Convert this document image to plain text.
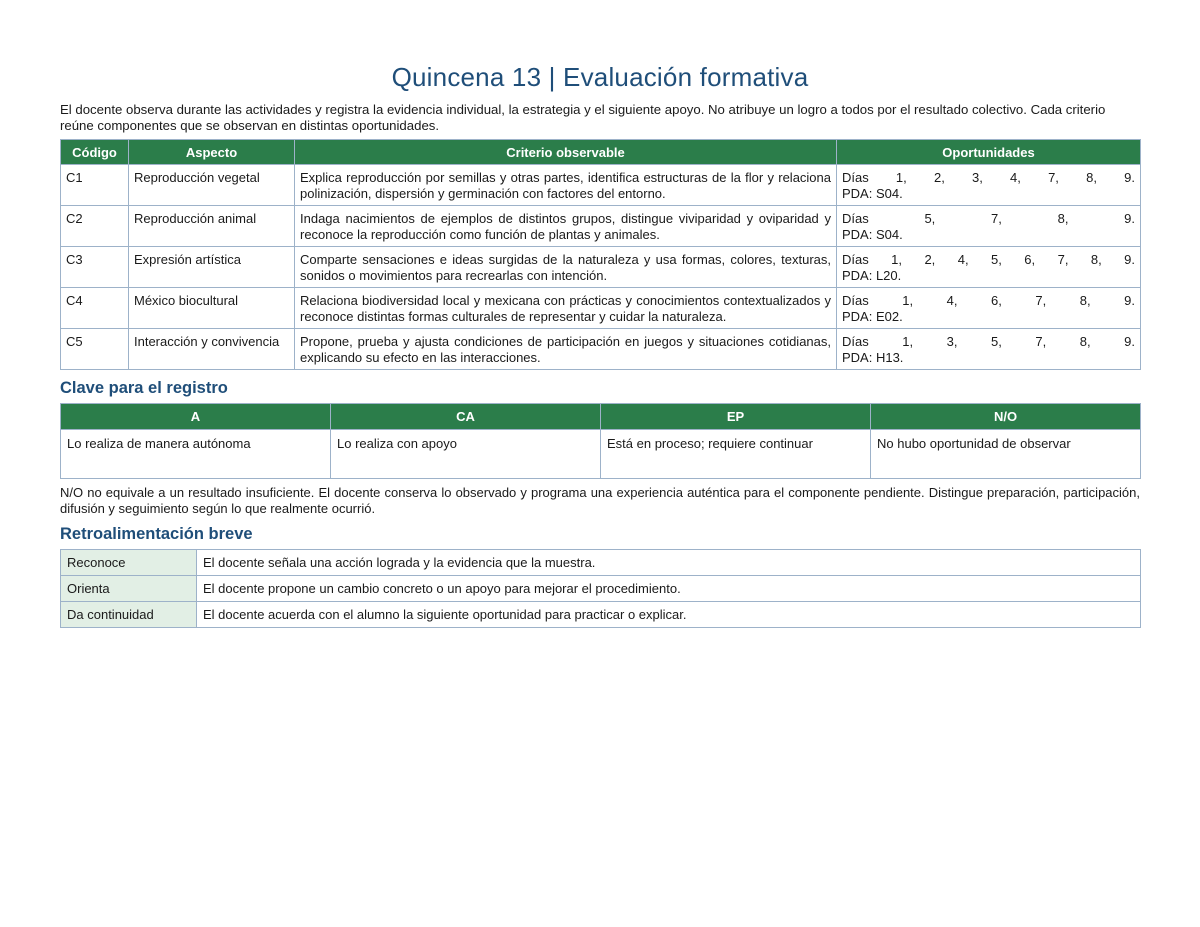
Quincena 13 | Evaluación formativa

El docente observa durante las actividades y registra la evidencia individual, la estrategia y el siguiente apoyo. No atribuye un logro a todos por el resultado colectivo. Cada criterio reúne componentes que se observan en distintas oportunidades.

Código	Aspecto	Criterio observable	Oportunidades
C1	Reproducción vegetal	Explica reproducción por semillas y otras partes, identifica estructuras de la flor y relaciona polinización, dispersión y germinación con factores del entorno.	Días 1, 2, 3, 4, 7, 8, 9.
PDA: S04.

C2	Reproducción animal	Indaga nacimientos de ejemplos de distintos grupos, distingue viviparidad y oviparidad y reconoce la reproducción como función de plantas y animales.	Días 5, 7, 8, 9.
PDA: S04.

C3	Expresión artística	Comparte sensaciones e ideas surgidas de la naturaleza y usa formas, colores, texturas, sonidos o movimientos para recrearlas con intención.	Días 1, 2, 4, 5, 6, 7, 8, 9.
PDA: L20.

C4	México biocultural	Relaciona biodiversidad local y mexicana con prácticas y conocimientos contextualizados y reconoce distintas formas culturales de representar y cuidar la naturaleza.	Días 1, 4, 6, 7, 8, 9.
PDA: E02.

C5	Interacción y convivencia	Propone, prueba y ajusta condiciones de participación en juegos y situaciones cotidianas, explicando su efecto en las interacciones.	Días 1, 3, 5, 7, 8, 9.
PDA: H13.
Clave para el registro
A	CA	EP	N/O
Lo realiza de manera autónoma	Lo realiza con apoyo	Está en proceso; requiere continuar	No hubo oportunidad de observar

N/O no equivale a un resultado insuficiente. El docente conserva lo observado y programa una experiencia auténtica para el componente pendiente. Distingue preparación, participación, difusión y seguimiento según lo que realmente ocurrió.

Retroalimentación breve
Reconoce	El docente señala una acción lograda y la evidencia que la muestra.
Orienta	El docente propone un cambio concreto o un apoyo para mejorar el procedimiento.
Da continuidad	El docente acuerda con el alumno la siguiente oportunidad para practicar o explicar.
